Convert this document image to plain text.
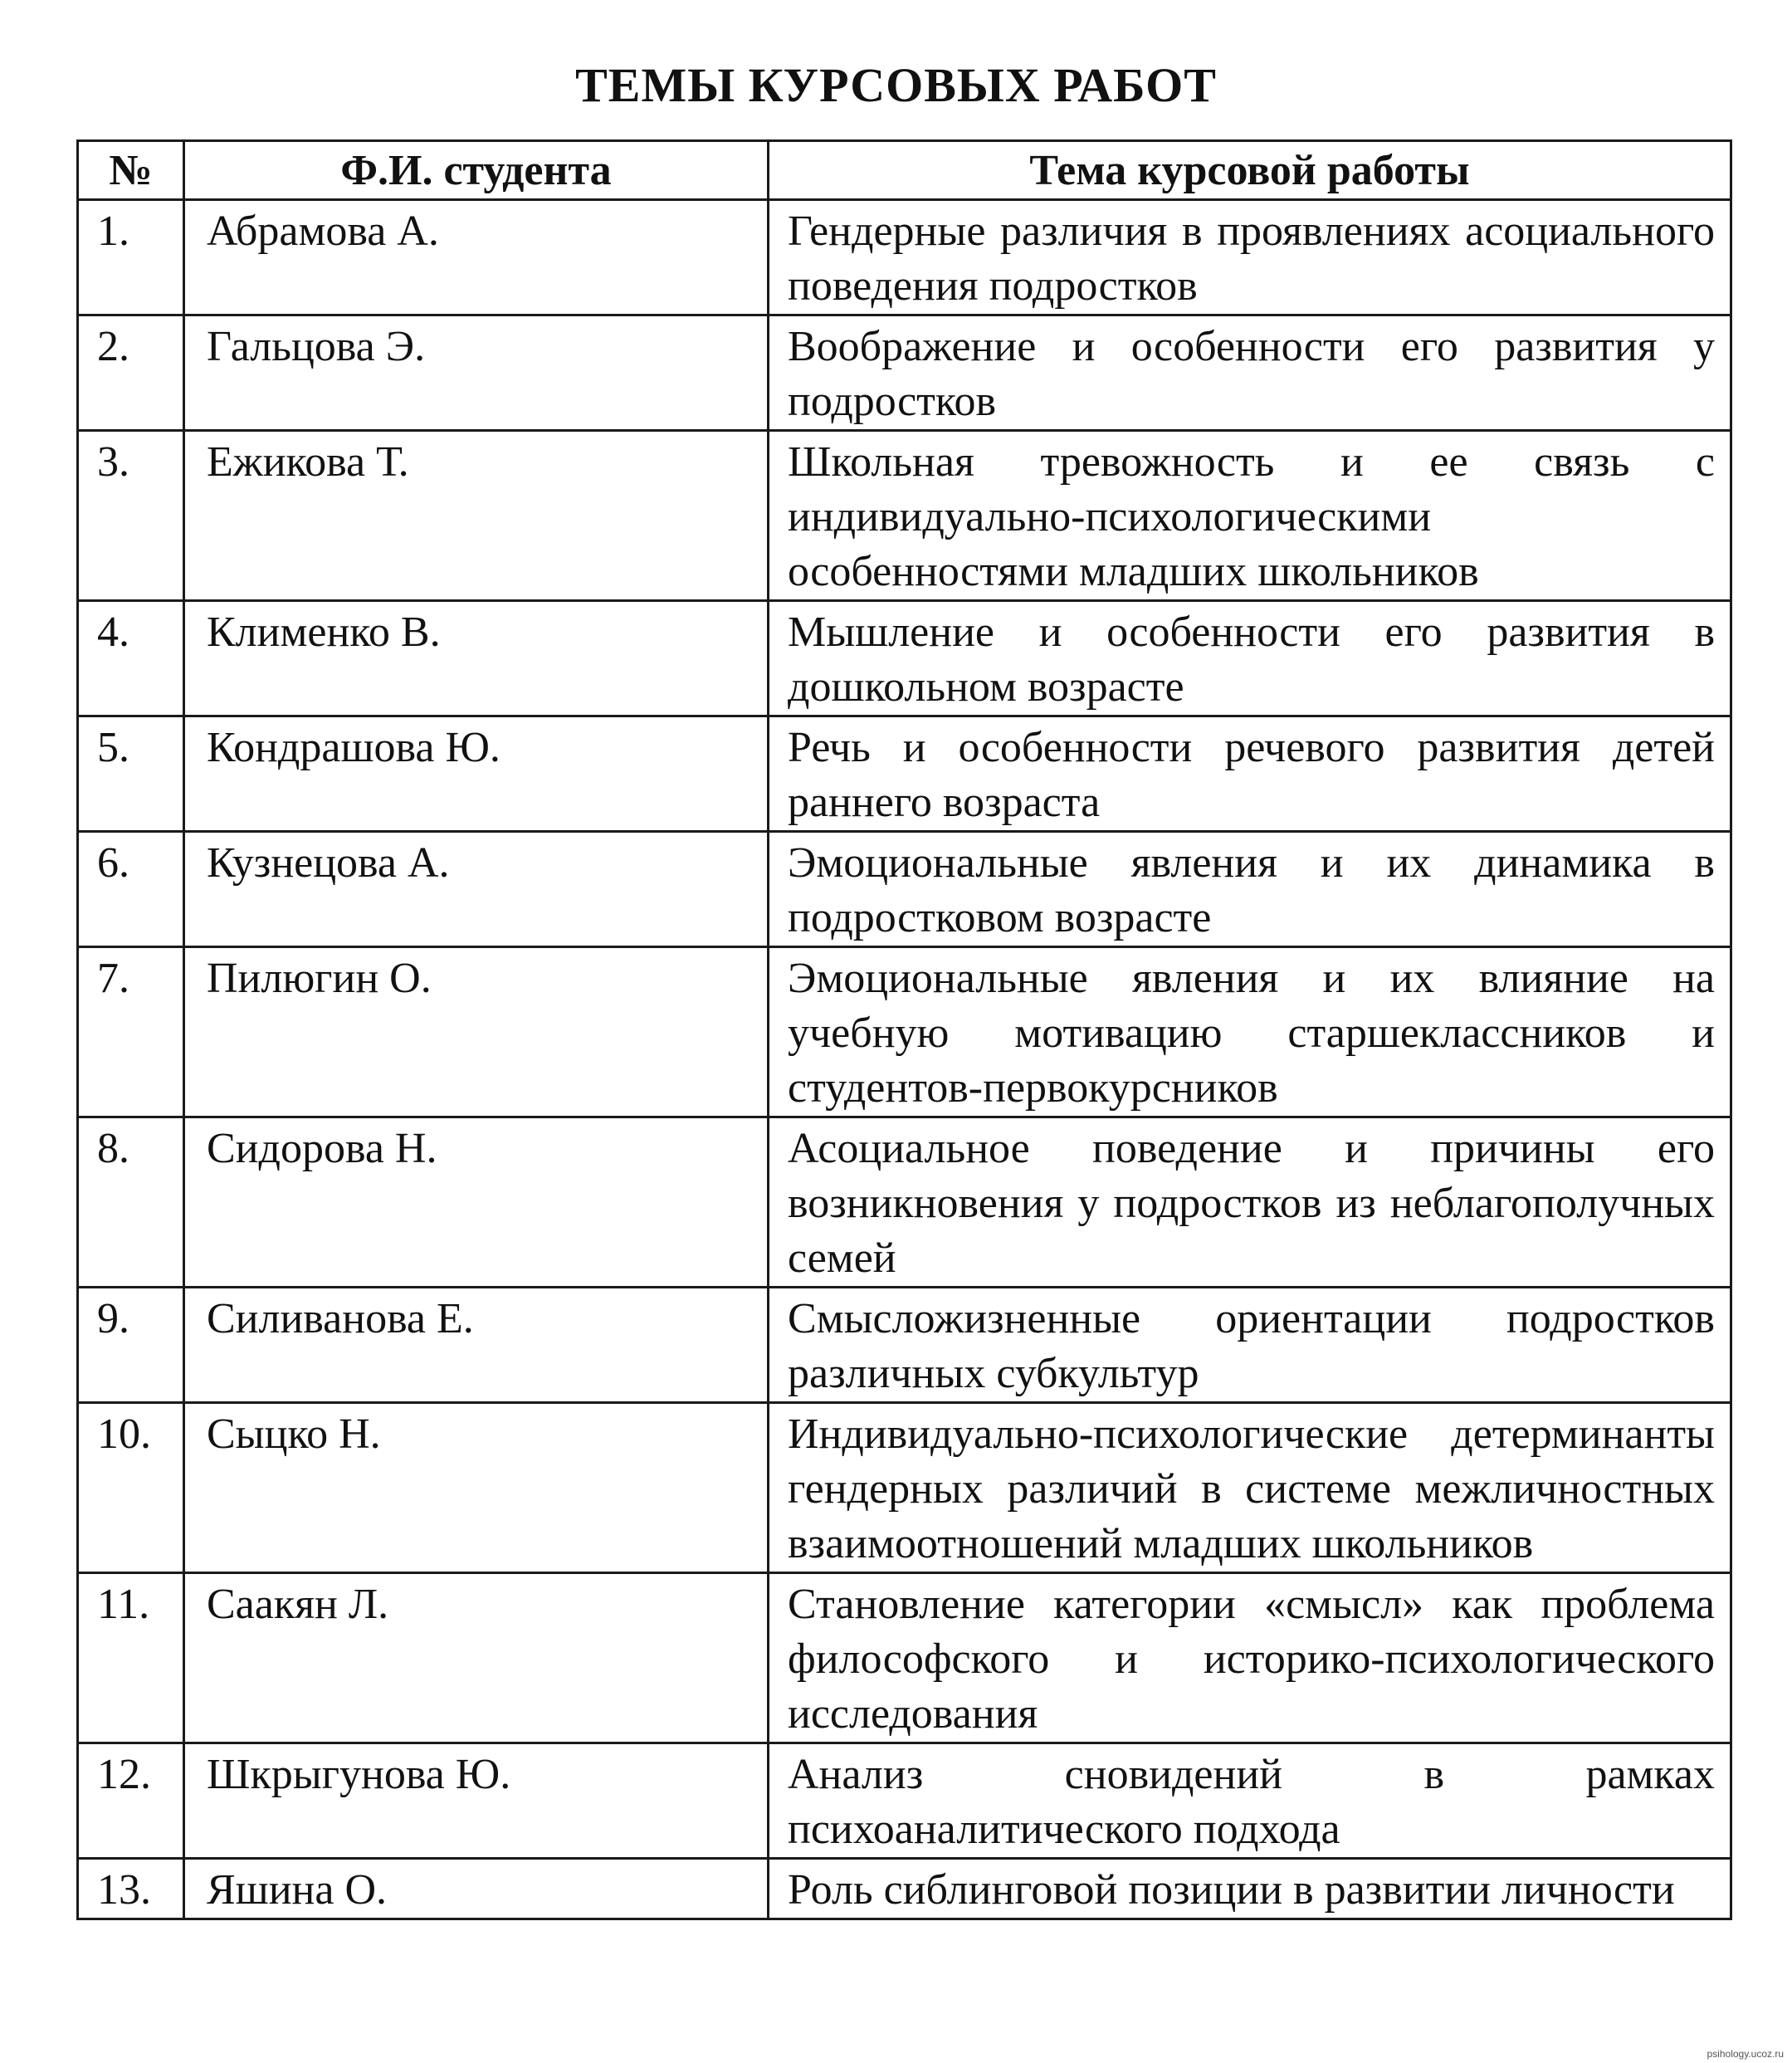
ТЕМЫ КУРСОВЫХ РАБОТ
№	Ф.И. студента	Тема курсовой работы
1.	Абрамова А.	Гендерные различия в проявлениях асоциального поведения подростков
2.	Гальцова Э.	Воображение и особенности его развития у подростков
3.	Ежикова Т.	Школьная тревожность и ее связь с индивидуально-психологическими особенностями младших школьников
4.	Клименко В.	Мышление и особенности его развития в дошкольном возрасте
5.	Кондрашова Ю.	Речь и особенности речевого развития детей раннего возраста
6.	Кузнецова А.	Эмоциональные явления и их динамика в подростковом возрасте
7.	Пилюгин О.	Эмоциональные явления и их влияние на учебную мотивацию старшеклассников и студентов-первокурсников
8.	Сидорова Н.	Асоциальное поведение и причины его возникновения у подростков из неблагополучных семей
9.	Силиванова Е.	Смысложизненные ориентации подростков различных субкультур
10.	Сыцко Н.	Индивидуально-психологические детерминанты гендерных различий в системе межличностных взаимоотношений младших школьников
11.	Саакян Л.	Становление категории «смысл» как проблема философского и историко-психологического исследования
12.	Шкрыгунова Ю.	Анализ сновидений в рамках психоаналитического подхода
13.	Яшина О.	Роль сиблинговой позиции в развитии личности
psihology.ucoz.ru
